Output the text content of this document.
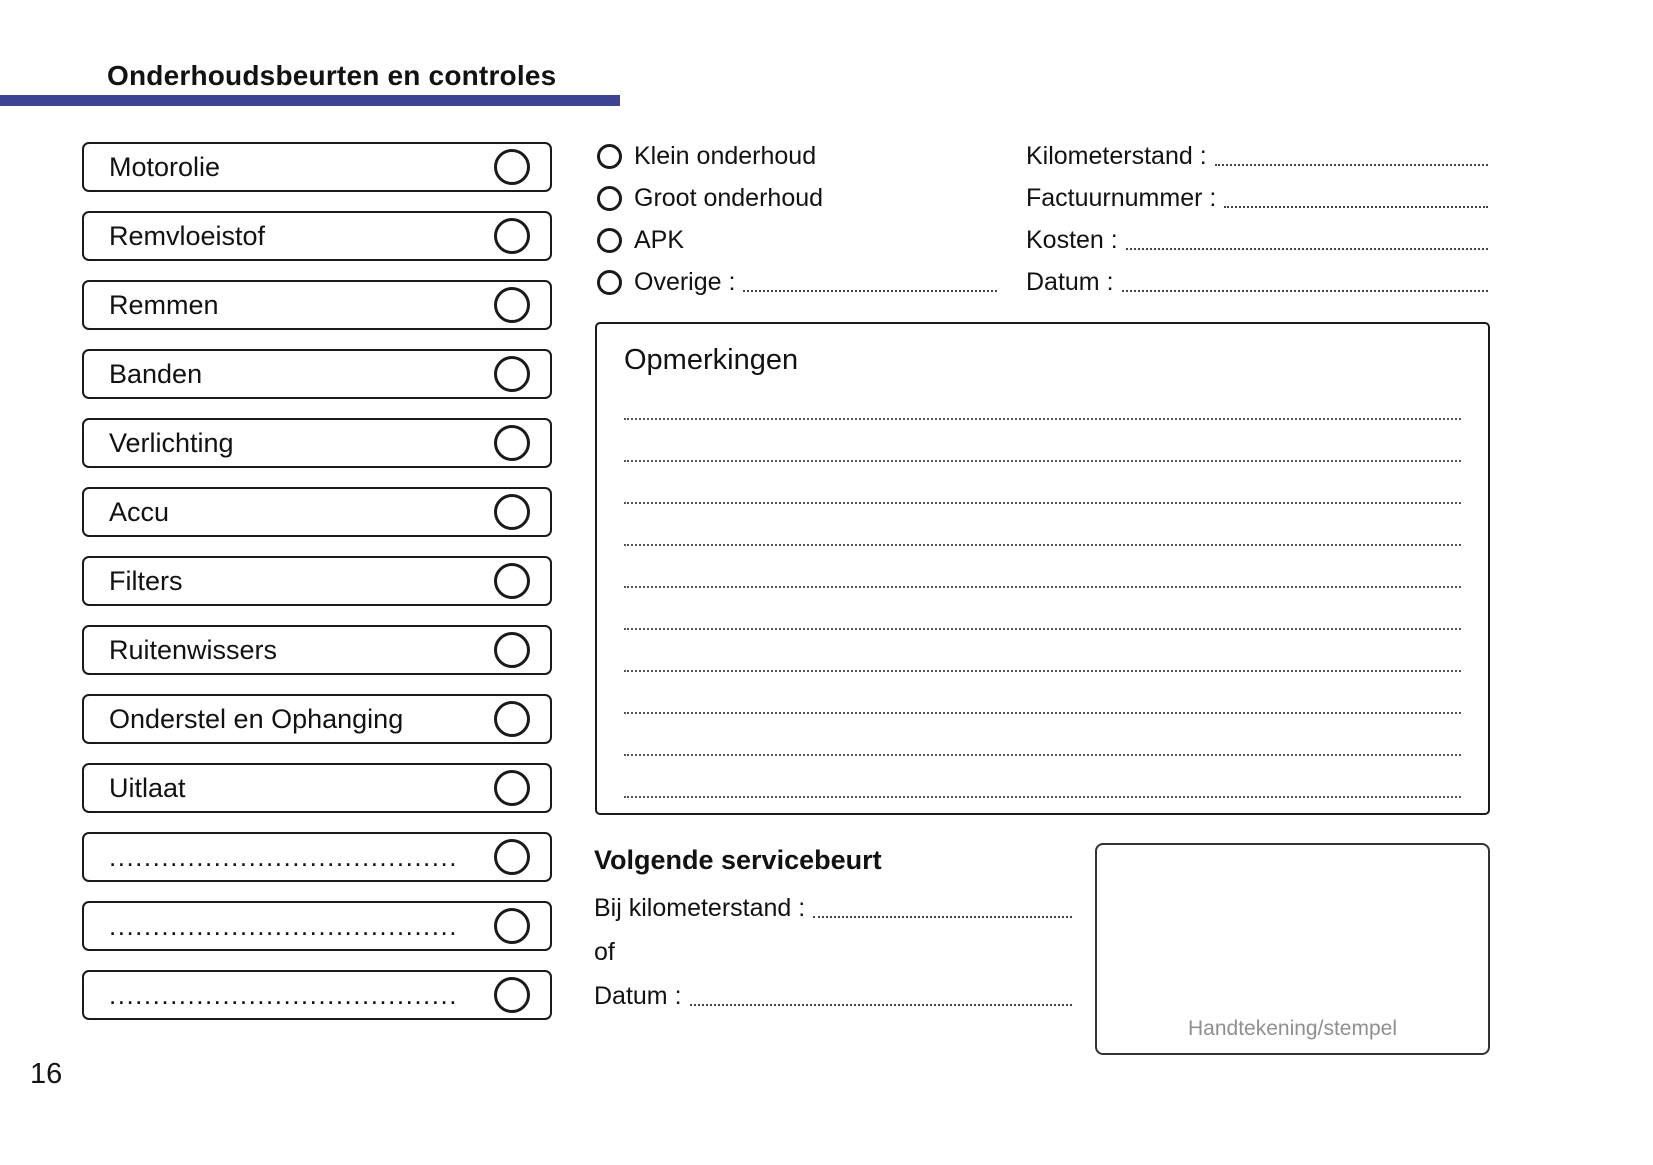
Onderhoudsbeurten en controles
Motorolie
Remvloeistof
Remmen
Banden
Verlichting
Accu
Filters
Ruitenwissers
Onderstel en Ophanging
Uitlaat
........................................
........................................
........................................
Klein onderhoud
Groot onderhoud
APK
Overige :
Kilometerstand :
Factuurnummer :
Kosten :
Datum :
Opmerkingen
Volgende servicebeurt
Bij kilometerstand :
of
Datum :
Handtekening/stempel
16
